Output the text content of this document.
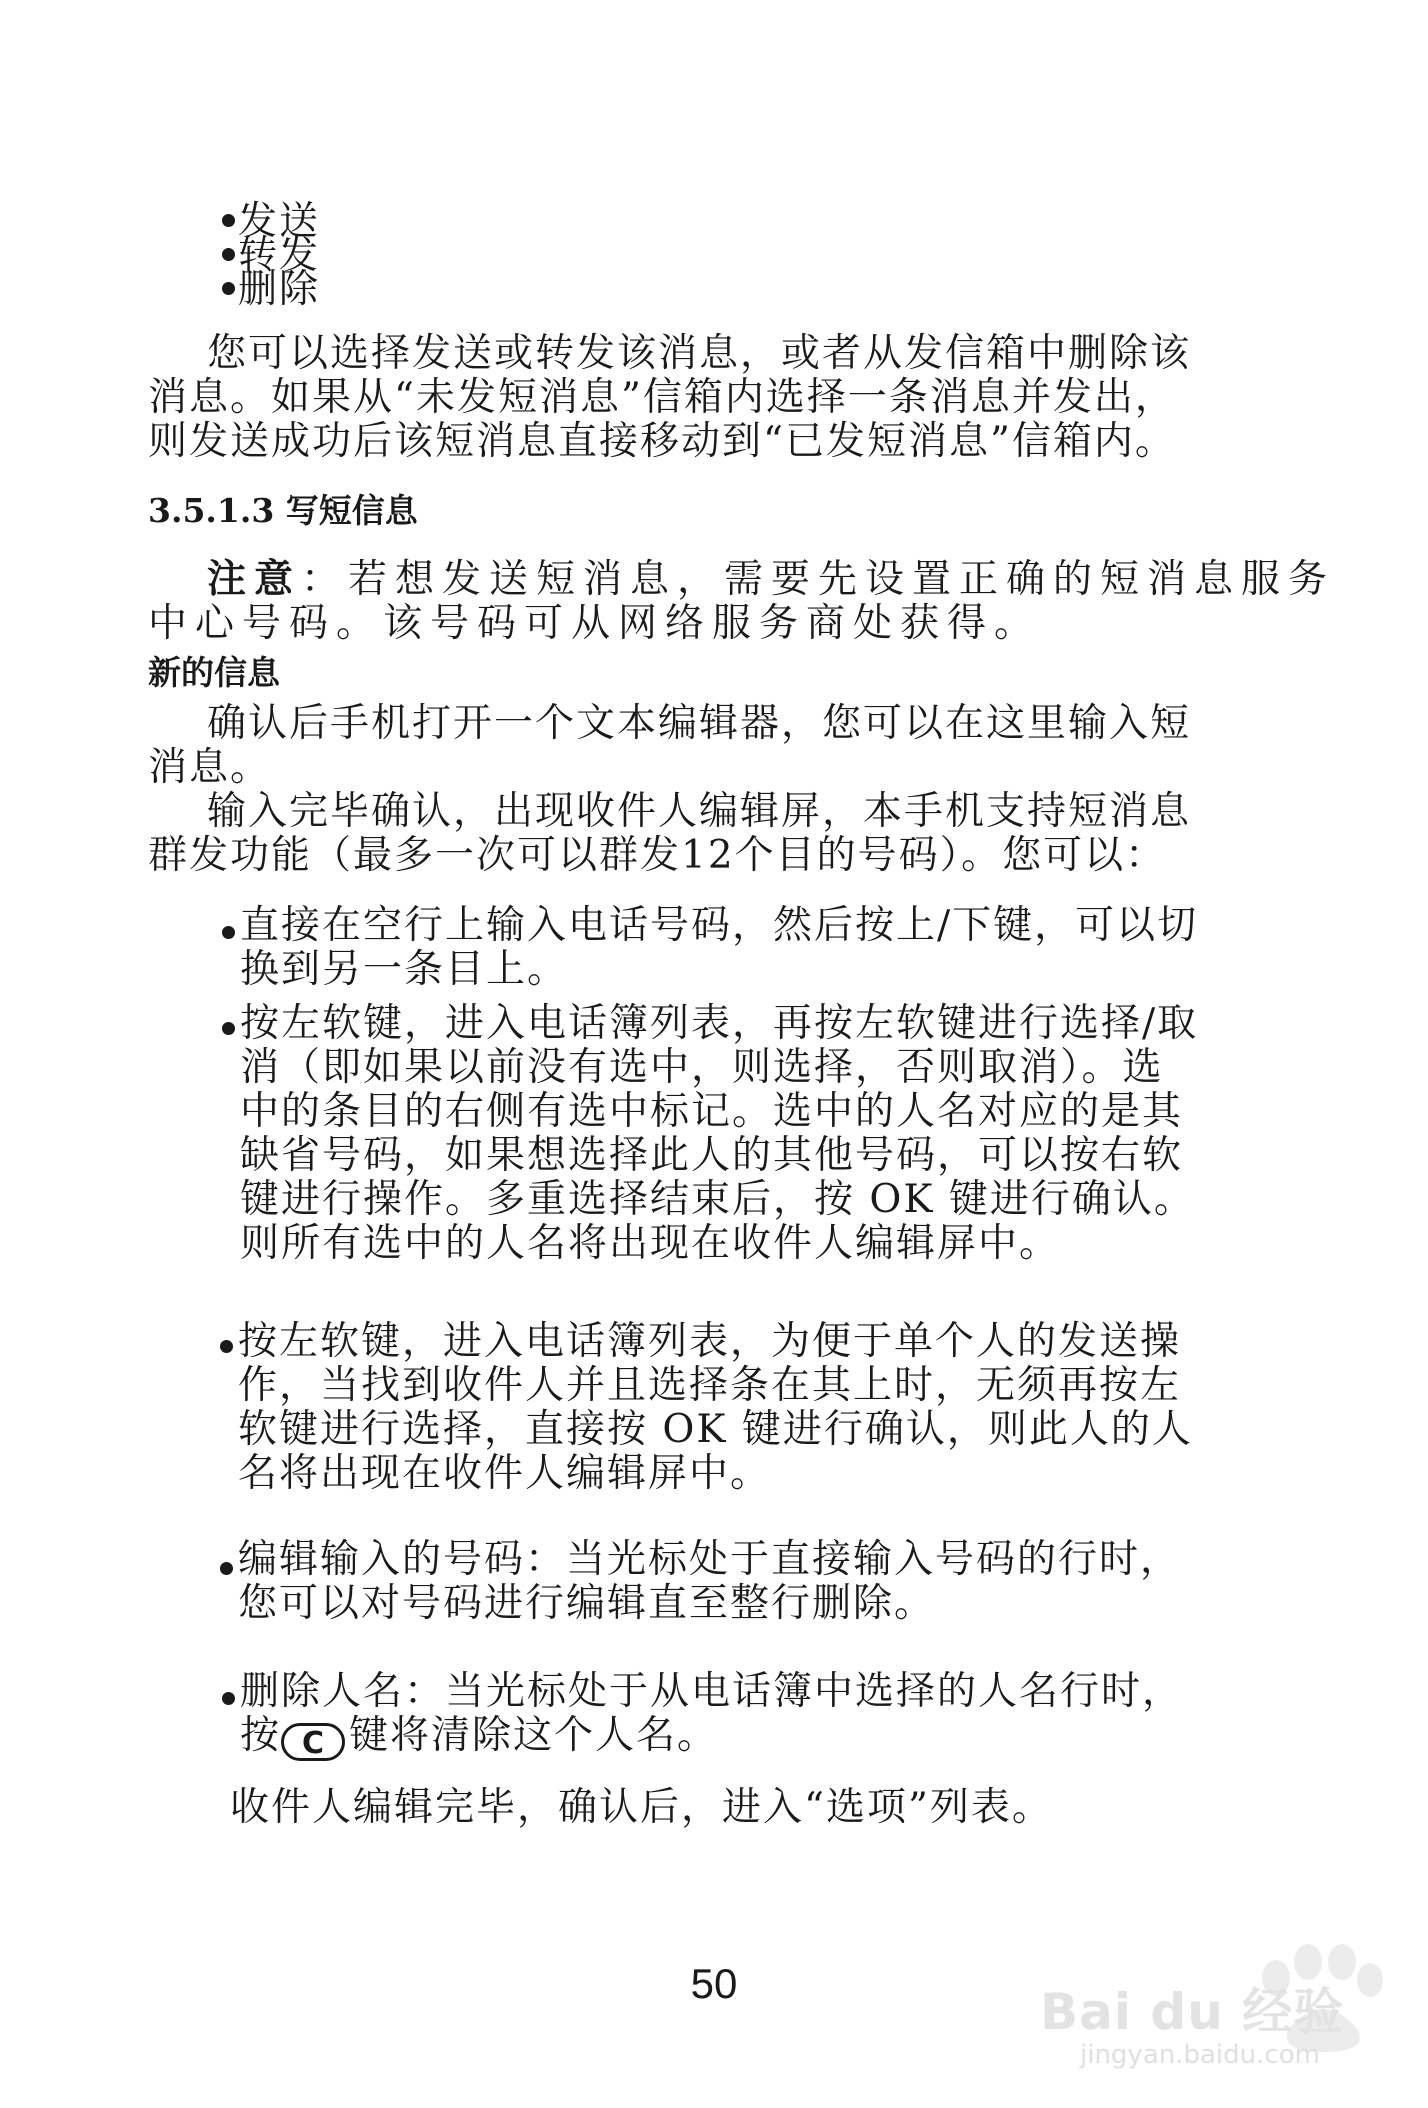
发送
转发
删除
您可以选择发送或转发该消息，或者从发信箱中删除该
消息。如果从“未发短消息”信箱内选择一条消息并发出，
则发送成功后该短消息直接移动到“已发短消息”信箱内。
3.5.1.3 写短信息
注意：若想发送短消息，需要先设置正确的短消息服务
中心号码。该号码可从网络服务商处获得。
新的信息
确认后手机打开一个文本编辑器，您可以在这里输入短
消息。
输入完毕确认，出现收件人编辑屏，本手机支持短消息
群发功能（最多一次可以群发12个目的号码）。您可以：
直接在空行上输入电话号码，然后按上/下键，可以切
换到另一条目上。
按左软键，进入电话簿列表，再按左软键进行选择/取
消（即如果以前没有选中，则选择，否则取消）。选
中的条目的右侧有选中标记。选中的人名对应的是其
缺省号码，如果想选择此人的其他号码，可以按右软
键进行操作。多重选择结束后，按 OK 键进行确认。
则所有选中的人名将出现在收件人编辑屏中。
按左软键，进入电话簿列表，为便于单个人的发送操
作，当找到收件人并且选择条在其上时，无须再按左
软键进行选择，直接按 OK 键进行确认，则此人的人
名将出现在收件人编辑屏中。
编辑输入的号码：当光标处于直接输入号码的行时，
您可以对号码进行编辑直至整行删除。
删除人名：当光标处于从电话簿中选择的人名行时，
按 C 键将清除这个人名。
收件人编辑完毕，确认后，进入“选项”列表。
50	Bai du 经验
jingyan.baidu.com
